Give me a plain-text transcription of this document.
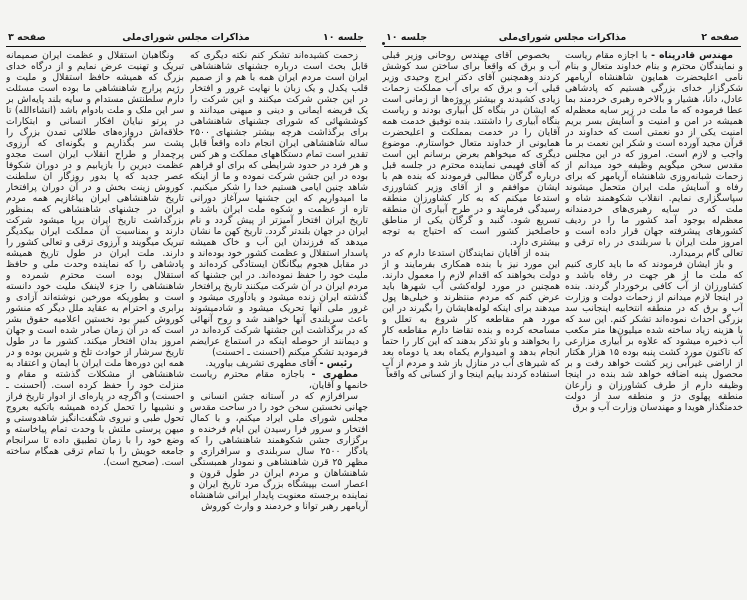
صفحه ۲
مذاکرات مجلس شورای‌ملی
جلسه ۱۰

مهندس قادرپناه - با اجازه مقام ریاست و نمایندگان محترم و بنام خداوند متعال و بنام نامی اعلیحضرت همایون شاهنشاه آریامهر شکرگزار خدای بزرگی هستیم که پادشاهی عادل، دانا، هشیار و بالاخره رهبری خردمند بما عطا فرموده که ما ملت در زیر سایه معظم‌له همیشه در امن و امنیت و آسایش بسر بریم امنیت یکی از دو نعمتی است که خداوند در قرآن مجید آورده است و شکر این نعمت بر ما واجب و لازم است. امروز که در این مجلس مقدس سخن میگویم وظیفه خود میدانم از زحمات شبانه‌روزی شاهنشاه آریامهر که برای رفاه و آسایش ملت ایران متحمل میشوند سپاسگزاری نمایم. انقلاب شکوهمند شاه و ملت که در سایه رهبری‌های خردمندانه معظم‌له بوجود آمد کشور ما را در ردیف کشورهای پیشرفته جهان قرار داده است و امروز ملت ایران با سربلندی در راه ترقی و تعالی گام برمیدارد.

و باز ایشان فرمودند که ما باید کاری کنیم که ملت ما از هر جهت در رفاه باشد و کشاورزان از آب کافی برخوردار گردند. بنده در اینجا لازم میدانم از زحمات دولت و وزارت آب و برق که در منطقه انتخابیه اینجانب سد بزرگی احداث نموده‌اند تشکر کنم. این سد که با هزینه زیاد ساخته شده میلیون‌ها متر مکعب آب ذخیره میشود که علاوه بر آبیاری مزارعی که تاکنون مورد کشت پنبه بوده ۱۵ هزار هکتار از اراضی غیرآبی زیر کشت خواهد رفت و بر محصول پنبه اضافه خواهد شد بنده در اینجا وظیفه دارم از طرف کشاورزان و زارعان منطقه پهلوی دژ و منطقه سد از دولت خدمتگذار هویدا و مهندسان وزارت آب و برق

بخصوص آقای مهندس روحانی وزیر قبلی آب و برق که واقعاً برای ساختن سد کوشش کردند وهمچنین آقای دکتر ایرج وحیدی وزیر قبلی آب و برق که برای آب مملکت زحمات زیادی کشیدند و بیشتر پروژه‌ها از زمانی است که ایشان در بنگاه کل آبیاری بودند و ریاست بنگاه آبیاری را داشتند. بنده توفیق خدمت همه آقایان را در خدمت بمملکت و اعلیحضرت همایونی از خداوند متعال خواستارم. موضوع دیگری که میخواهم بعرض برسانم این است که آقای فهیمی نماینده محترم در جلسه قبل درباره گرگان مطالبی فرمودند که بنده هم با ایشان موافقم و از آقای وزیر کشاورزی استدعا میکنم که به کار کشاورزان منطقه رسیدگی فرمایند و در طرح آبیاری آن منطقه تسریع شود. گنبد و گرگان یکی از مناطق حاصلخیز کشور است که احتیاج به توجه بیشتری دارد.

بنده از آقایان نمایندگان استدعا دارم که در این مورد نیز با بنده همکاری بفرمایند و از دولت بخواهند که اقدام لازم را معمول دارند. همچنین در مورد لوله‌کشی آب شهرها باید عرض کنم که مردم منتظرند و خیلی‌ها پول میدهند برای اینکه لوله‌هایشان را بگیرند در این مورد هم مقاطعه کار شروع به تعلل و مسامحه کرده و بنده تقاضا دارم مقاطعه کار را بخواهند و باو تذکر بدهند که این کار را حتماً انجام بدهد و امیدوارم یکماه بعد یا دوماه بعد که شیرهای آب در منازل باز شد و مردم از آب استفاده کردند بیایم اینجا و از کسانی که واقعاً

جلسه ۱۰
مذاکرات مجلس شورای‌ملی
صفحه ۳

زحمت کشیده‌اند تشکر کنم نکته دیگری که قابل بحث است درباره جشنهای شاهنشاهی ایران است مردم ایران همه با هم و از صمیم قلب یکدل و یک زبان با نهایت غرور و افتخار در این جشن شرکت میکنند و این شرکت را یک فریضه ایمانی و دینی و میهنی میدانند و کوششهائی که شورای جشنهای شاهنشاهی برای برگذاشت هرچه بیشتر جشنهای ۲۵۰۰ ساله شاهنشاهی ایران انجام داده واقعاً قابل تقدیر است تمام دستگاههای مملکت و هر کس و هر فرد در حدود شرایطی که برای او فراهم بوده در این جشن شرکت نموده و ما از اینکه شاهد چنین ایامی هستیم خدا را شکر میکنیم. ما امیدواریم که این جشنها سرآغاز دورانی تازه از عظمت و شکوه ملت ایران باشد و تاریخ ایران افتخار آمیزتر از پیش گردد و نام ایران در جهان بلندتر گردد. تاریخ کهن ما نشان میدهد که فرزندان این آب و خاک همیشه پاسدار استقلال و عظمت کشور خود بوده‌اند و در مقابل هجوم بیگانگان ایستادگی کرده‌اند و ملیت خود را حفظ نموده‌اند. در این جشنها که مردم ایران در آن شرکت میکنند تاریخ پرافتخار گذشته ایران زنده میشود و یادآوری میشود و غرور ملی آنها تحریک میشود و شادمیشوند باعث سربلندی آنها خواهند شد و روح آنهائی که در برگذاشت این جشنها شرکت کرده‌اند در و دیمانند از حوصله اینکه در استماع عرایضم فرمودید تشکر میکنم (احسنت ـ احسنت)

رئیس - آقای مطهری تشریف بیاورید.

مطهری - باجازه مقام محترم ریاست خانمها و آقایان،

سرافرازم که در آستانه جشن انسانی و جهانی نخستین سخن خود را در ساحت مقدس مجلس شورای ملی ایراد میکنم، و با کمال افتخار و سرور فرا رسیدن این ایام فرخنده و برگزاری جشن شکوهمند شاهنشاهی را که یادگار ۲۵۰۰ سال سربلندی و سرافرازی و مظهر ۲۵ قرن شاهنشاهی و نمودار همبستگی شاهنشاهان و مردم ایران در طول قرون و اعصار است بپیشگاه بزرگ مرد تاریخ ایران و نماینده برجسته معنویت پایدار ایرانی شاهنشاه آریامهر رهبر توانا و خردمند و وارث کوروش

ونگاهبان استقلال و عظمت ایران صمیمانه تبریک و تهنیت عرض نمایم و از درگاه خدای بزرگ که همیشه حافظ استقلال و ملیت و رژیم پرارج شاهنشاهی ما بوده است مسئلت دارم سلطنتش مستدام و سایه بلند پایه‌اش بر سر این ملک و ملت بادوام باشد (انشاءالله) تا در پرتو نبایان افکار انسانی و ابتکارات خلاقه‌اش دروازه‌های طلائی تمدن بزرگ را پشت سر بگذاریم و بگونه‌ای که آرزوی پرچمدار و طراح انقلاب ایران است مجدو عظمت دیرین را بازیابیم و در دوران شکوفا عصر جدید که پا بدور روزگار ان سلطنت کوروش زینت بخش و در آن دوران پرافتخار تاریخ شاهنشاهی ایران بیاغازیم همه مردم ایران در جشنهای شاهنشاهی که بمنظور بزرگداشت تاریخ ایران برپا میشود شرکت دارند و بمناسبت آن مملکت ایران بیکدیگر تبریک میگویند و آرزوی ترقی و تعالی کشور را دارند. ملت ایران در طول تاریخ همیشه پادشاهی را که نماینده وحدت ملی و حافظ استقلال بوده است محترم شمرده و شاهنشاهی را جزء لاینفک ملیت خود دانسته است و بطوریکه مورخین نوشته‌اند آزادی و برابری و احترام به عقاید ملل دیگر که منشور کوروش کبیر بود نخستین اعلامیه حقوق بشر است که در آن زمان صادر شده است و جهان امروز بدان افتخار میکند. کشور ما در طول تاریخ سرشار از حوادث تلخ و شیرین بوده و در همه این دوره‌ها ملت ایران با ایمان و اعتقاد به شاهنشاهی از مشکلات گذشته و مقام و منزلت خود را حفظ کرده است. (احسنت ـ احسنت) و اگرچه در پاره‌ای از ادوار تاریخ فراز و نشیبها را تحمل کرده همیشه باتکیه بعروج تحول طبی و نیروی شگفت‌انگیز شاهدوستی و میهن پرستی ملتش با وحدت تمام پیاخاسته و وضع خود را با زمان تطبیق داده تا سرانجام جامعه خویش را با تمام ترقی همگام ساخته است. (صحیح است).
